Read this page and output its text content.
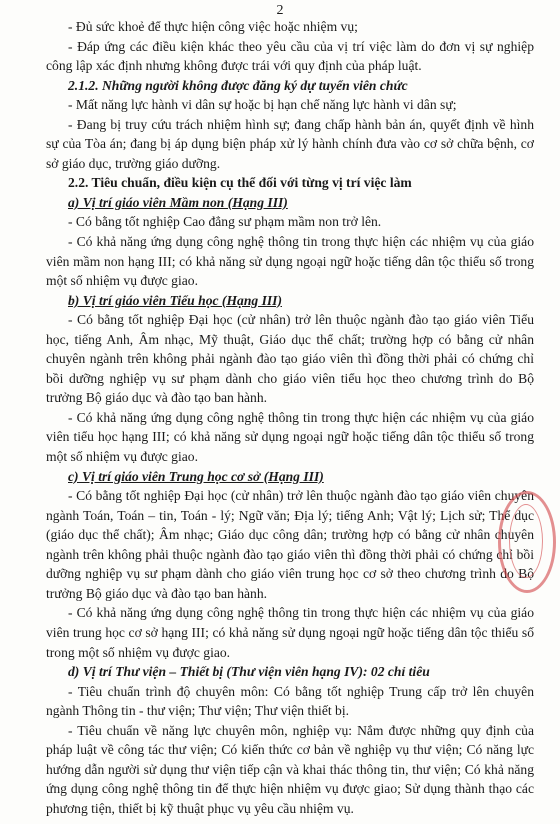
2

- Đủ sức khoẻ để thực hiện công việc hoặc nhiệm vụ;

- Đáp ứng các điều kiện khác theo yêu cầu của vị trí việc làm do đơn vị sự nghiệp công lập xác định nhưng không được trái với quy định của pháp luật.

2.1.2. Những người không được đăng ký dự tuyển viên chức

- Mất năng lực hành vi dân sự hoặc bị hạn chế năng lực hành vi dân sự;

- Đang bị truy cứu trách nhiệm hình sự; đang chấp hành bản án, quyết định về hình sự của Tòa án; đang bị áp dụng biện pháp xử lý hành chính đưa vào cơ sở chữa bệnh, cơ sở giáo dục, trường giáo dưỡng.

2.2. Tiêu chuẩn, điều kiện cụ thể đối với từng vị trí việc làm

a) Vị trí giáo viên Mầm non (Hạng III)

- Có bằng tốt nghiệp Cao đẳng sư phạm mầm non trở lên.

- Có khả năng ứng dụng công nghệ thông tin trong thực hiện các nhiệm vụ của giáo viên mầm non hạng III; có khả năng sử dụng ngoại ngữ hoặc tiếng dân tộc thiểu số trong một số nhiệm vụ được giao.

b) Vị trí giáo viên Tiểu học (Hạng III)

- Có bằng tốt nghiệp Đại học (cử nhân) trở lên thuộc ngành đào tạo giáo viên Tiểu học, tiếng Anh, Âm nhạc, Mỹ thuật, Giáo dục thể chất; trường hợp có bằng cử nhân chuyên ngành trên không phải ngành đào tạo giáo viên thì đồng thời phải có chứng chỉ bồi dưỡng nghiệp vụ sư phạm dành cho giáo viên tiểu học theo chương trình do Bộ trưởng Bộ giáo dục và đào tạo ban hành.

- Có khả năng ứng dụng công nghệ thông tin trong thực hiện các nhiệm vụ của giáo viên tiểu học hạng III; có khả năng sử dụng ngoại ngữ hoặc tiếng dân tộc thiểu số trong một số nhiệm vụ được giao.

c) Vị trí giáo viên Trung học cơ sở (Hạng III)

- Có bằng tốt nghiệp Đại học (cử nhân) trở lên thuộc ngành đào tạo giáo viên chuyên ngành Toán, Toán – tin, Toán - lý; Ngữ văn; Địa lý; tiếng Anh; Vật lý; Lịch sử; Thể dục (giáo dục thể chất); Âm nhạc; Giáo dục công dân; trường hợp có bằng cử nhân chuyên ngành trên không phải thuộc ngành đào tạo giáo viên thì đồng thời phải có chứng chỉ bồi dưỡng nghiệp vụ sư phạm dành cho giáo viên trung học cơ sở theo chương trình do Bộ trưởng Bộ giáo dục và đào tạo ban hành.

- Có khả năng ứng dụng công nghệ thông tin trong thực hiện các nhiệm vụ của giáo viên trung học cơ sở hạng III; có khả năng sử dụng ngoại ngữ hoặc tiếng dân tộc thiểu số trong một số nhiệm vụ được giao.

d) Vị trí Thư viện – Thiết bị (Thư viện viên hạng IV): 02 chỉ tiêu

- Tiêu chuẩn trình độ chuyên môn: Có bằng tốt nghiệp Trung cấp trở lên chuyên ngành Thông tin - thư viện; Thư viện; Thư viện thiết bị.

- Tiêu chuẩn về năng lực chuyên môn, nghiệp vụ: Nắm được những quy định của pháp luật về công tác thư viện; Có kiến thức cơ bản về nghiệp vụ thư viện; Có năng lực hướng dẫn người sử dụng thư viện tiếp cận và khai thác thông tin, thư viện; Có khả năng ứng dụng công nghệ thông tin để thực hiện nhiệm vụ được giao; Sử dụng thành thạo các phương tiện, thiết bị kỹ thuật phục vụ yêu cầu nhiệm vụ.
